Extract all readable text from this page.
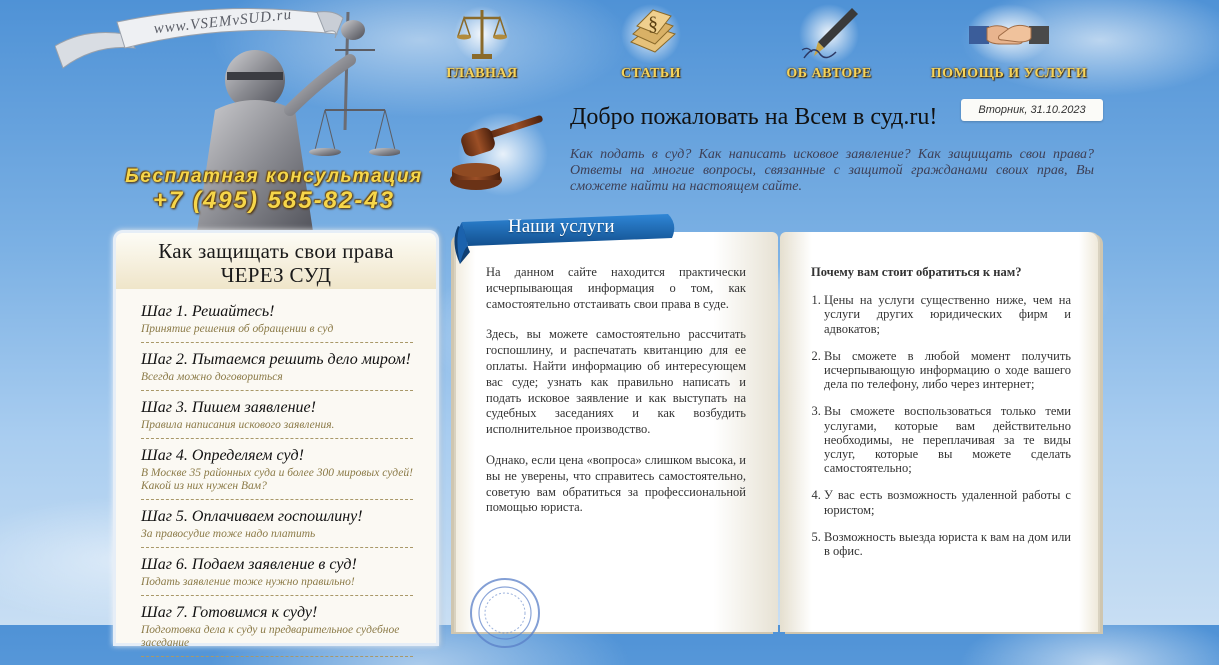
www.VSEMvSUD.ru
Бесплатная консультация
+7 (495) 585-82-43
ГЛАВНАЯ
§
СТАТЬИ	ОБ АВТОРЕ	ПОМОЩЬ И УСЛУГИ
Вторник, 31.10.2023
Добро пожаловать на Всем в суд.ru!
Как подать в суд? Как написать исковое заявление? Как защищать свои права? Ответы на многие вопросы, связанные с защитой гражданами своих прав, Вы сможете найти на настоящем сайте.
Как защищать свои права
ЧЕРЕЗ СУД
Шаг 1. Решайтесь!
Принятие решения об обращении в суд
Шаг 2. Пытаемся решить дело миром!
Всегда можно договориться
Шаг 3. Пишем заявление!
Правила написания искового заявления.
Шаг 4. Определяем суд!
В Москве 35 районных суда и более 300 мировых судей! Какой из них нужен Вам?
Шаг 5. Оплачиваем госпошлину!
За правосудие тоже надо платить
Шаг 6. Подаем заявление в суд!
Подать заявление тоже нужно правильно!
Шаг 7. Готовимся к суду!
Подготовка дела к суду и предварительное судебное заседание
Наши услуги

На данном сайте находится практически исчерпывающая информация о том, как самостоятельно отстаивать свои права в суде.

Здесь, вы можете самостоятельно рассчитать госпошлину, и распечатать квитанцию для ее оплаты. Найти информацию об интересующем вас суде; узнать как правильно написать и подать исковое заявление и как выступать на судебных заседаниях и как возбудить исполнительное производство.

Однако, если цена «вопроса» слишком высока, и вы не уверены, что справитесь самостоятельно, советую вам обратиться за профессиональной помощью юриста.

Почему вам стоит обратиться к нам?
1. Цены на услуги существенно ниже, чем на услуги других юридических фирм и адвокатов;
2. Вы сможете в любой момент получить исчерпывающую информацию о ходе вашего дела по телефону, либо через интернет;
3. Вы сможете воспользоваться только теми услугами, которые вам действительно необходимы, не переплачивая за те виды услуг, которые вы можете сделать самостоятельно;
4. У вас есть возможность удаленной работы с юристом;
5. Возможность выезда юриста к вам на дом или в офис.
